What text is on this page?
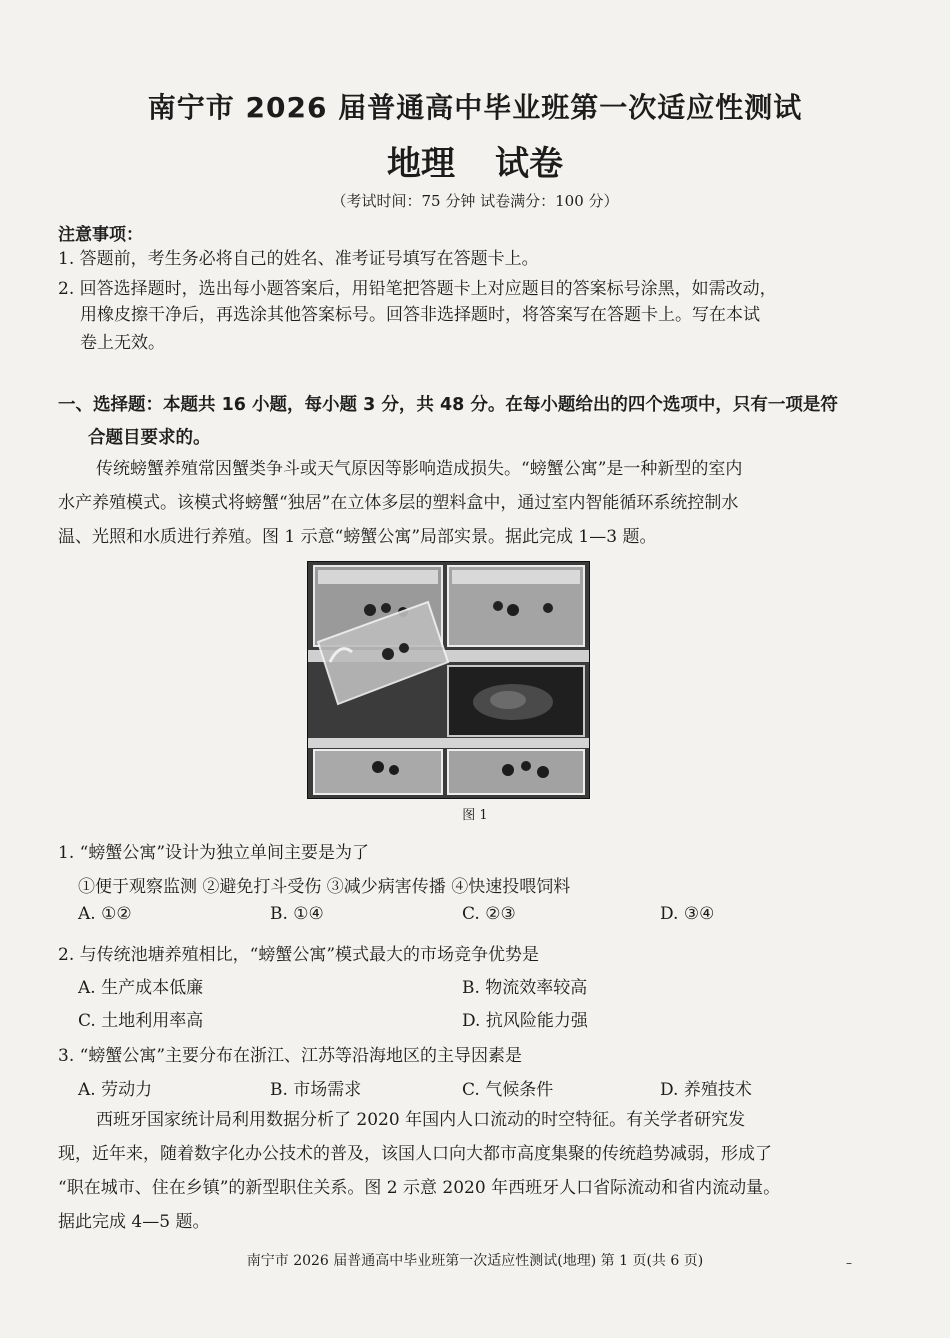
南宁市 2026 届普通高中毕业班第一次适应性测试
地理 试卷
（考试时间：75 分钟 试卷满分：100 分）
注意事项：
1. 答题前，考生务必将自己的姓名、准考证号填写在答题卡上。
2. 回答选择题时，选出每小题答案后，用铅笔把答题卡上对应题目的答案标号涂黑，如需改动，
用橡皮擦干净后，再选涂其他答案标号。回答非选择题时，将答案写在答题卡上。写在本试
卷上无效。
一、选择题：本题共 16 小题，每小题 3 分，共 48 分。在每小题给出的四个选项中，只有一项是符
合题目要求的。
传统螃蟹养殖常因蟹类争斗或天气原因等影响造成损失。“螃蟹公寓”是一种新型的室内
水产养殖模式。该模式将螃蟹“独居”在立体多层的塑料盒中，通过室内智能循环系统控制水
温、光照和水质进行养殖。图 1 示意“螃蟹公寓”局部实景。据此完成 1—3 题。
图 1
1. “螃蟹公寓”设计为独立单间主要是为了
①便于观察监测 ②避免打斗受伤 ③减少病害传播 ④快速投喂饲料
A. ①②	B. ①④	C. ②③	D. ③④
2. 与传统池塘养殖相比，“螃蟹公寓”模式最大的市场竞争优势是
A. 生产成本低廉	B. 物流效率较高
C. 土地利用率高	D. 抗风险能力强
3. “螃蟹公寓”主要分布在浙江、江苏等沿海地区的主导因素是
A. 劳动力	B. 市场需求	C. 气候条件	D. 养殖技术
西班牙国家统计局利用数据分析了 2020 年国内人口流动的时空特征。有关学者研究发
现，近年来，随着数字化办公技术的普及，该国人口向大都市高度集聚的传统趋势减弱，形成了
“职在城市、住在乡镇”的新型职住关系。图 2 示意 2020 年西班牙人口省际流动和省内流动量。
据此完成 4—5 题。
南宁市 2026 届普通高中毕业班第一次适应性测试(地理) 第 1 页(共 6 页)	–
